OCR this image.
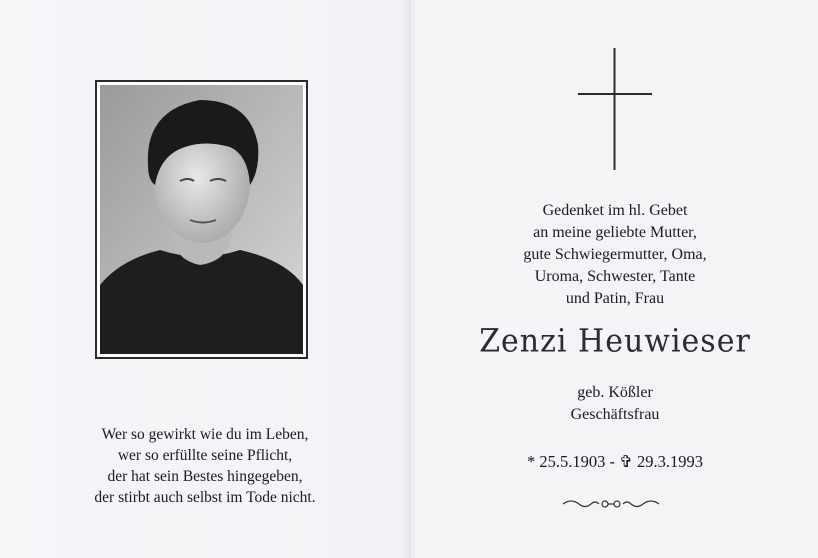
Wer so gewirkt wie du im Leben,
wer so erfüllte seine Pflicht,
der hat sein Bestes hingegeben,
der stirbt auch selbst im Tode nicht.
Gedenket im hl. Gebet
an meine geliebte Mutter,
gute Schwiegermutter, Oma,
Uroma, Schwester, Tante
und Patin, Frau
Zenzi Heuwieser
geb. Kößler
Geschäftsfrau
* 25.5.1903 - ✞ 29.3.1993
